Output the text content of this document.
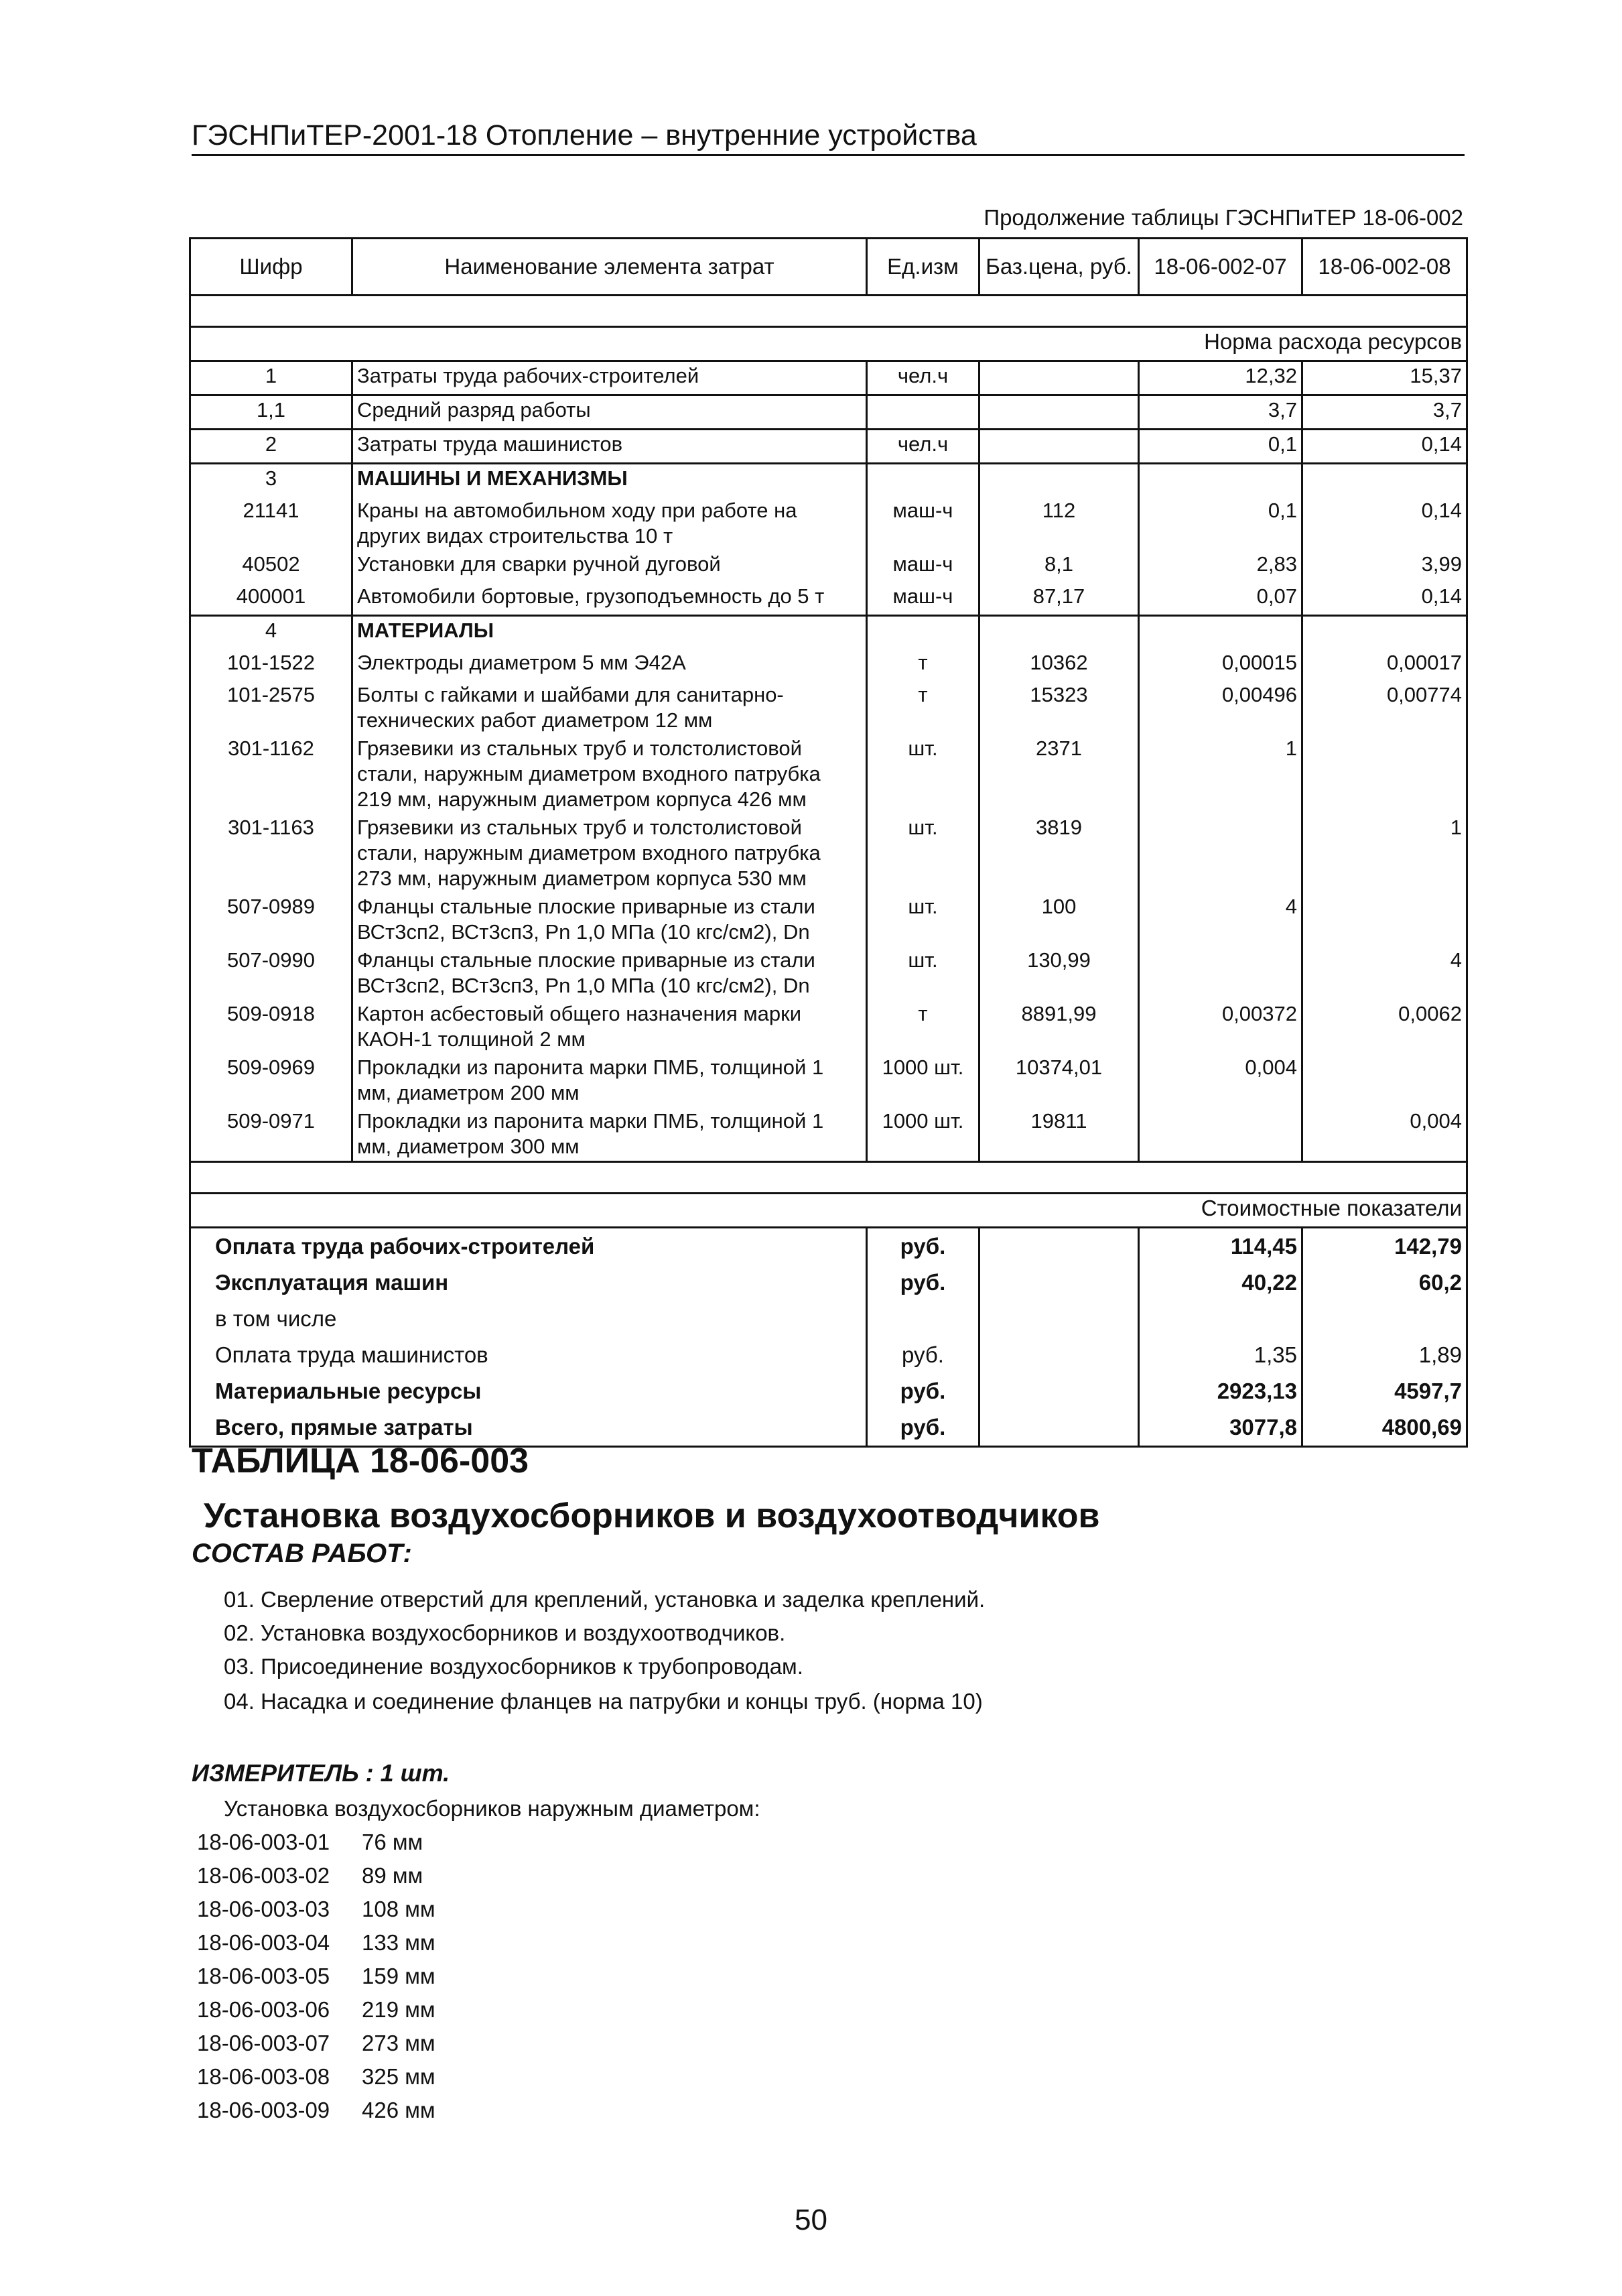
ГЭСНПиТЕР-2001-18 Отопление – внутренние устройства
Продолжение таблицы ГЭСНПиТЕР 18-06-002
Шифр	Наименование элемента затрат	Ед.изм	Баз.цена, руб.	18-06-002-07	18-06-002-08

Норма расхода ресурсов					
1	Затраты труда рабочих-строителей	чел.ч		12,32	15,37
1,1	Средний разряд работы			3,7	3,7
2	Затраты труда машинистов	чел.ч		0,1	0,14
3	МАШИНЫ И МЕХАНИЗМЫ				

21141	Краны на автомобильном ходу при работе на
других видах строительства 10 т	маш-ч	112	0,1	0,14
40502	Установки для сварки ручной дуговой	маш-ч	8,1	2,83	3,99
400001	Автомобили бортовые, грузоподъемность до 5 т	маш-ч	87,17	0,07	0,14
4	МАТЕРИАЛЫ				

101-1522	Электроды диаметром 5 мм Э42А	т	10362	0,00015	0,00017
101-2575	Болты с гайками и шайбами для санитарно-
технических работ диаметром 12 мм	т	15323	0,00496	0,00774
301-1162	Грязевики из стальных труб и толстолистовой
стали, наружным диаметром входного патрубка
219 мм, наружным диаметром корпуса 426 мм	шт.	2371	1	
301-1163	Грязевики из стальных труб и толстолистовой
стали, наружным диаметром входного патрубка
273 мм, наружным диаметром корпуса 530 мм	шт.	3819		1
507-0989	Фланцы стальные плоские приварные из стали
ВСт3сп2, ВСт3сп3, Pn 1,0 МПа (10 кгс/см2), Dn	шт.	100	4	
507-0990	Фланцы стальные плоские приварные из стали
ВСт3сп2, ВСт3сп3, Pn 1,0 МПа (10 кгс/см2), Dn	шт.	130,99		4
509-0918	Картон асбестовый общего назначения марки
КАОН-1 толщиной 2 мм	т	8891,99	0,00372	0,0062
509-0969	Прокладки из паронита марки ПМБ, толщиной 1
мм, диаметром 200 мм	1000 шт.	10374,01	0,004	
509-0971	Прокладки из паронита марки ПМБ, толщиной 1
мм, диаметром 300 мм	1000 шт.	19811		0,004

Стоимостные показатели					
Оплата труда рабочих-строителей		руб.		114,45	142,79
Эксплуатация машин		руб.		40,22	60,2
в том числе					
Оплата труда машинистов		руб.		1,35	1,89
Материальные ресурсы		руб.		2923,13	4597,7
Всего, прямые затраты		руб.		3077,8	4800,69
ТАБЛИЦА 18-06-003
Установка воздухосборников и воздухоотводчиков
СОСТАВ РАБОТ:
01. Сверление отверстий для креплений, установка и заделка креплений.
02. Установка воздухосборников и воздухоотводчиков.
03. Присоединение воздухосборников к трубопроводам.
04. Насадка и соединение фланцев на патрубки и концы труб. (норма 10)
ИЗМЕРИТЕЛЬ : 1 шт.
Установка воздухосборников наружным диаметром:
18-06-003-01 76 мм
18-06-003-02 89 мм
18-06-003-03 108 мм
18-06-003-04 133 мм
18-06-003-05 159 мм
18-06-003-06 219 мм
18-06-003-07 273 мм
18-06-003-08 325 мм
18-06-003-09 426 мм
50
